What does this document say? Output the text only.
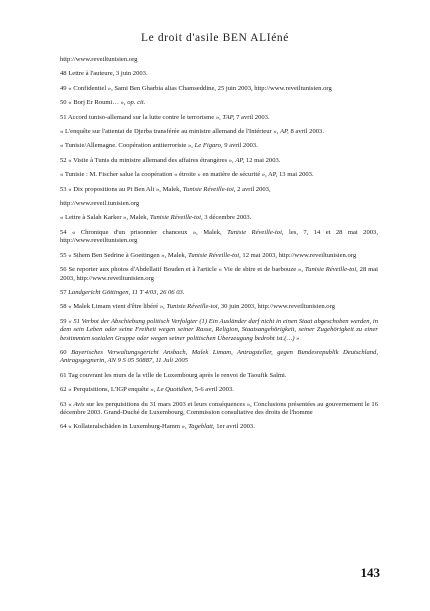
Le droit d'asile BEN ALIéné

http://www.reveiltunisien.org

48 Lettre à l'auteure, 3 juin 2003.

49 « Confidentiel », Sami Ben Gharbia alias Chamseddine, 25 juin 2003, http://www.reveiltunisien.org

50 « Borj Er Roumi… », op. cit.

51 Accord tuniso-allemand sur la lutte contre le terrorisme », TAP, 7 avril 2003.

« L'enquête sur l'attentat de Djerba transférée au ministre allemand de l'Intérieur », AP, 8 avril 2003.

« Tunisie/Allemagne. Coopération antiterroriste », Le Figaro, 9 avril 2003.

52 « Visite à Tunis du ministre allemand des affaires étrangères », AP, 12 mai 2003.

« Tunisie : M. Fischer salue la coopération « étroite » en matière de sécurité », AP, 13 mai 2003.

53 « Dix propositions au Pt Ben Ali », Malek, Tunisie Réveille-toi, 2 avril 2003,

http://www.reveil.tunisien.org

« Lettre à Salah Karker », Malek, Tunisie Réveille-toi, 3 décembre 2003.

54 « Chronique d'un prisonnier chanceux », Malek, Tunisie Réveille-toi, les, 7, 14 et 28 mai 2003, http://www.reveiltunisien.org

55 « Sihem Ben Sedrine à Goettingen », Malek, Tunisie Réveille-toi, 12 mai 2003, http://www.reveiltunisien.org

56 Se reporter aux photos d'Abdellatif Bouden et à l'article « Vie de sbire et de barbouze », Tunisie Réveille-toi, 28 mai 2003, http://www.reveiltunisien.org

57 Landgericht Göttingen, 11 T 4/03, 26 06 03.

58 « Malek Limam vient d'être libéré », Tunisie Réveille-toi, 30 juin 2003, http://www.reveiltunisien.org

59 « 51 Verbot der Abschiebung politisch Verfolgter (1) Ein Ausländer darf nicht in einen Staat abgeschoben werden, in dem sein Leben oder seine Freiheit wegen seiner Rasse, Religion, Staatsangehörigkeit, seiner Zugehörigkeit zu einer bestimmten sozialen Gruppe oder wegen seiner politischen Überzeugung bedroht ist.(…) »

60 Bayerisches Verwaltungsgericht Ansbach, Malek Limam, Antragsteller, gegen Bundesrepublik Deutschland, Antragsgegnerin, AN 9 S 05 50887, 11 Juli 2005

61 Tag couvrant les murs de la ville de Luxembourg après le renvoi de Taoufik Salmi.

62 « Perquisitions, L'IGP enquête », Le Quotidien, 5-6 avril 2003.

63 « Avis sur les perquisitions du 31 mars 2003 et leurs conséquences », Conclusions présentées au gouvernement le 16 décembre 2003. Grand-Duché de Luxembourg, Commission consultative des droits de l'homme

64 « Kollateralschäden in Luxemburg-Hamm », Tageblatt, 1er avril 2003.

143
